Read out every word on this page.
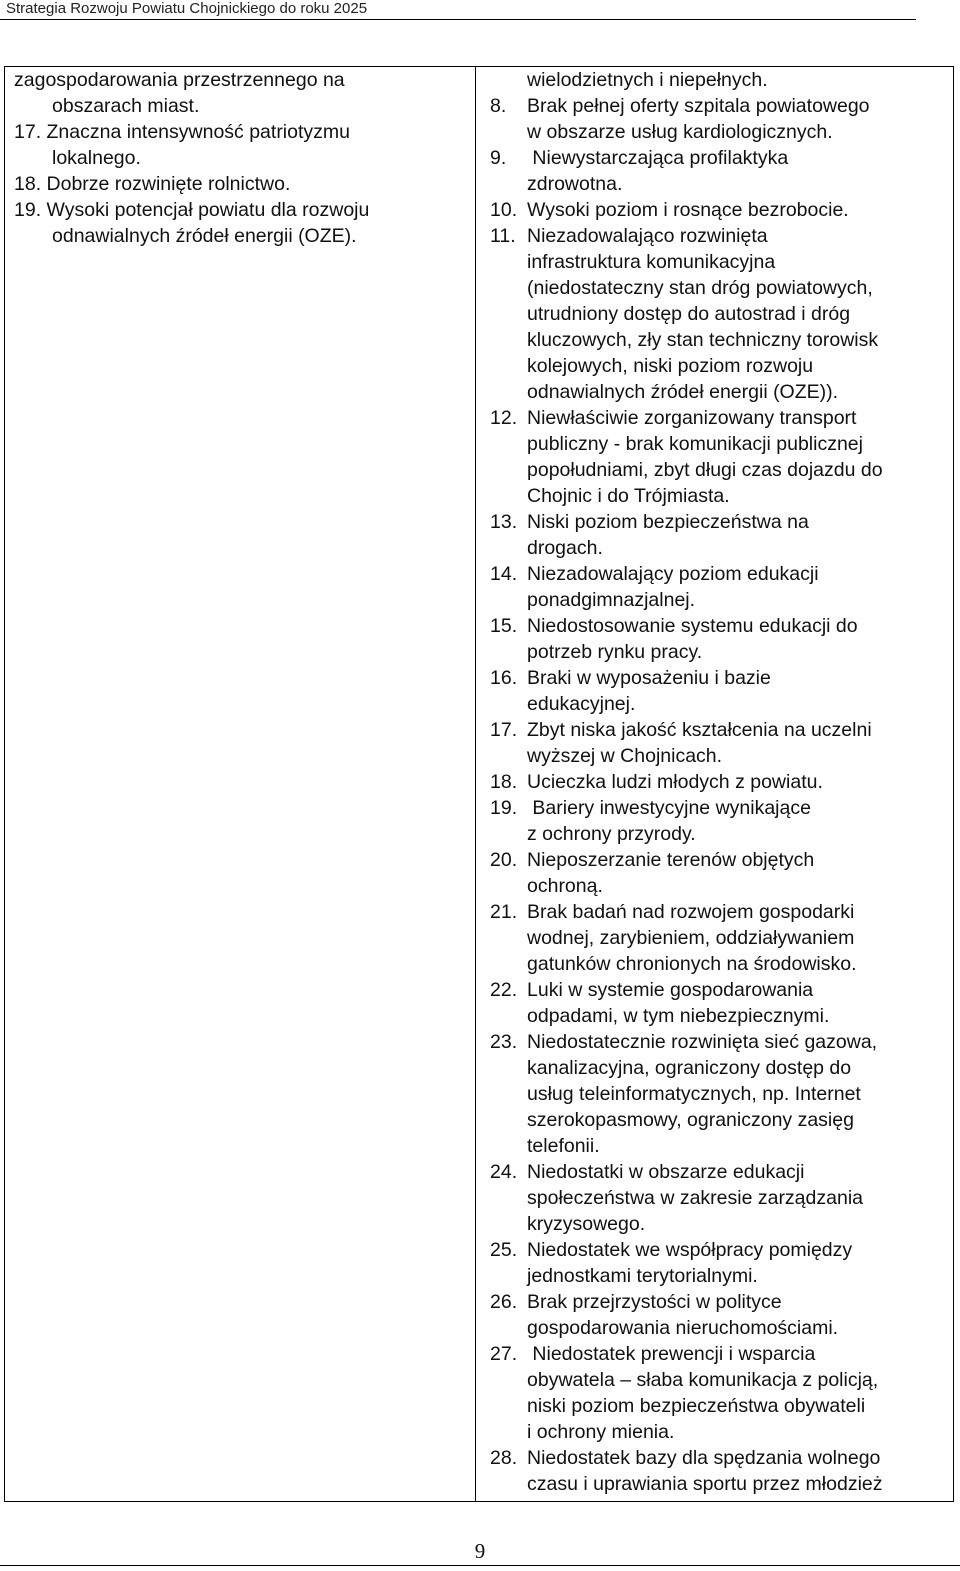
Strategia Rozwoju Powiatu Chojnickiego do roku 2025
zagospodarowania przestrzennego na
obszarach miast.
17. Znaczna intensywność patriotyzmu
lokalnego.
18. Dobrze rozwinięte rolnictwo.
19. Wysoki potencjał powiatu dla rozwoju
odnawialnych źródeł energii (OZE).
wielodzietnych i niepełnych.
8. Brak pełnej oferty szpitala powiatowego
w obszarze usług kardiologicznych.
9. Niewystarczająca profilaktyka
zdrowotna.
10. Wysoki poziom i rosnące bezrobocie.
11. Niezadowalająco rozwinięta
infrastruktura komunikacyjna
(niedostateczny stan dróg powiatowych,
utrudniony dostęp do autostrad i dróg
kluczowych, zły stan techniczny torowisk
kolejowych, niski poziom rozwoju
odnawialnych źródeł energii (OZE)).
12. Niewłaściwie zorganizowany transport
publiczny - brak komunikacji publicznej
popołudniami, zbyt długi czas dojazdu do
Chojnic i do Trójmiasta.
13. Niski poziom bezpieczeństwa na
drogach.
14. Niezadowalający poziom edukacji
ponadgimnazjalnej.
15. Niedostosowanie systemu edukacji do
potrzeb rynku pracy.
16. Braki w wyposażeniu i bazie
edukacyjnej.
17. Zbyt niska jakość kształcenia na uczelni
wyższej w Chojnicach.
18. Ucieczka ludzi młodych z powiatu.
19. Bariery inwestycyjne wynikające
z ochrony przyrody.
20. Nieposzerzanie terenów objętych
ochroną.
21. Brak badań nad rozwojem gospodarki
wodnej, zarybieniem, oddziaływaniem
gatunków chronionych na środowisko.
22. Luki w systemie gospodarowania
odpadami, w tym niebezpiecznymi.
23. Niedostatecznie rozwinięta sieć gazowa,
kanalizacyjna, ograniczony dostęp do
usług teleinformatycznych, np. Internet
szerokopasmowy, ograniczony zasięg
telefonii.
24. Niedostatki w obszarze edukacji
społeczeństwa w zakresie zarządzania
kryzysowego.
25. Niedostatek we współpracy pomiędzy
jednostkami terytorialnymi.
26. Brak przejrzystości w polityce
gospodarowania nieruchomościami.
27. Niedostatek prewencji i wsparcia
obywatela – słaba komunikacja z policją,
niski poziom bezpieczeństwa obywateli
i ochrony mienia.
28. Niedostatek bazy dla spędzania wolnego
czasu i uprawiania sportu przez młodzież
9
